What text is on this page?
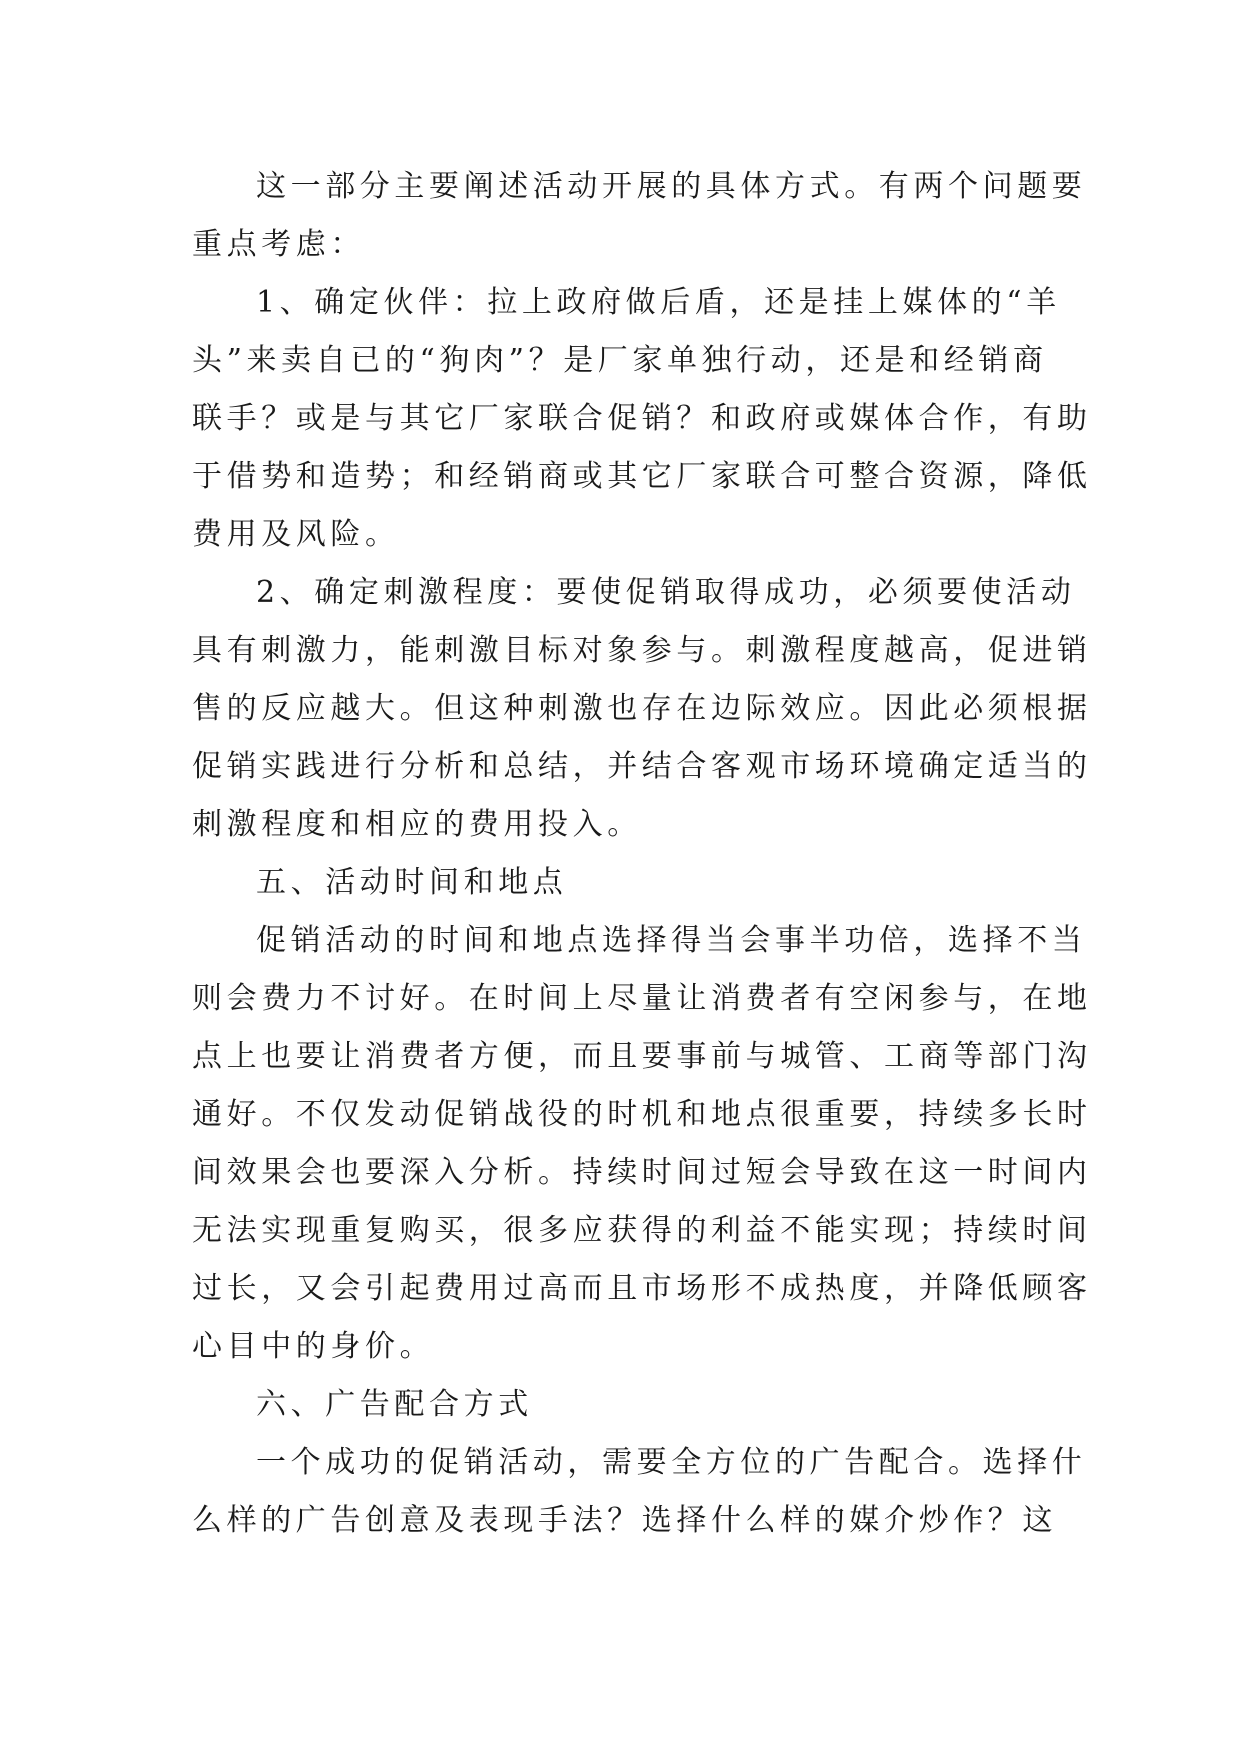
这一部分主要阐述活动开展的具体方式。有两个问题要
重点考虑：
1、确定伙伴：拉上政府做后盾，还是挂上媒体的“羊
头”来卖自已的“狗肉”？是厂家单独行动，还是和经销商
联手？或是与其它厂家联合促销？和政府或媒体合作，有助
于借势和造势；和经销商或其它厂家联合可整合资源，降低
费用及风险。
2、确定刺激程度：要使促销取得成功，必须要使活动
具有刺激力，能刺激目标对象参与。刺激程度越高，促进销
售的反应越大。但这种刺激也存在边际效应。因此必须根据
促销实践进行分析和总结，并结合客观市场环境确定适当的
刺激程度和相应的费用投入。
五、活动时间和地点
促销活动的时间和地点选择得当会事半功倍，选择不当
则会费力不讨好。在时间上尽量让消费者有空闲参与，在地
点上也要让消费者方便，而且要事前与城管、工商等部门沟
通好。不仅发动促销战役的时机和地点很重要，持续多长时
间效果会也要深入分析。持续时间过短会导致在这一时间内
无法实现重复购买，很多应获得的利益不能实现；持续时间
过长，又会引起费用过高而且市场形不成热度，并降低顾客
心目中的身价。
六、广告配合方式
一个成功的促销活动，需要全方位的广告配合。选择什
么样的广告创意及表现手法？选择什么样的媒介炒作？这
